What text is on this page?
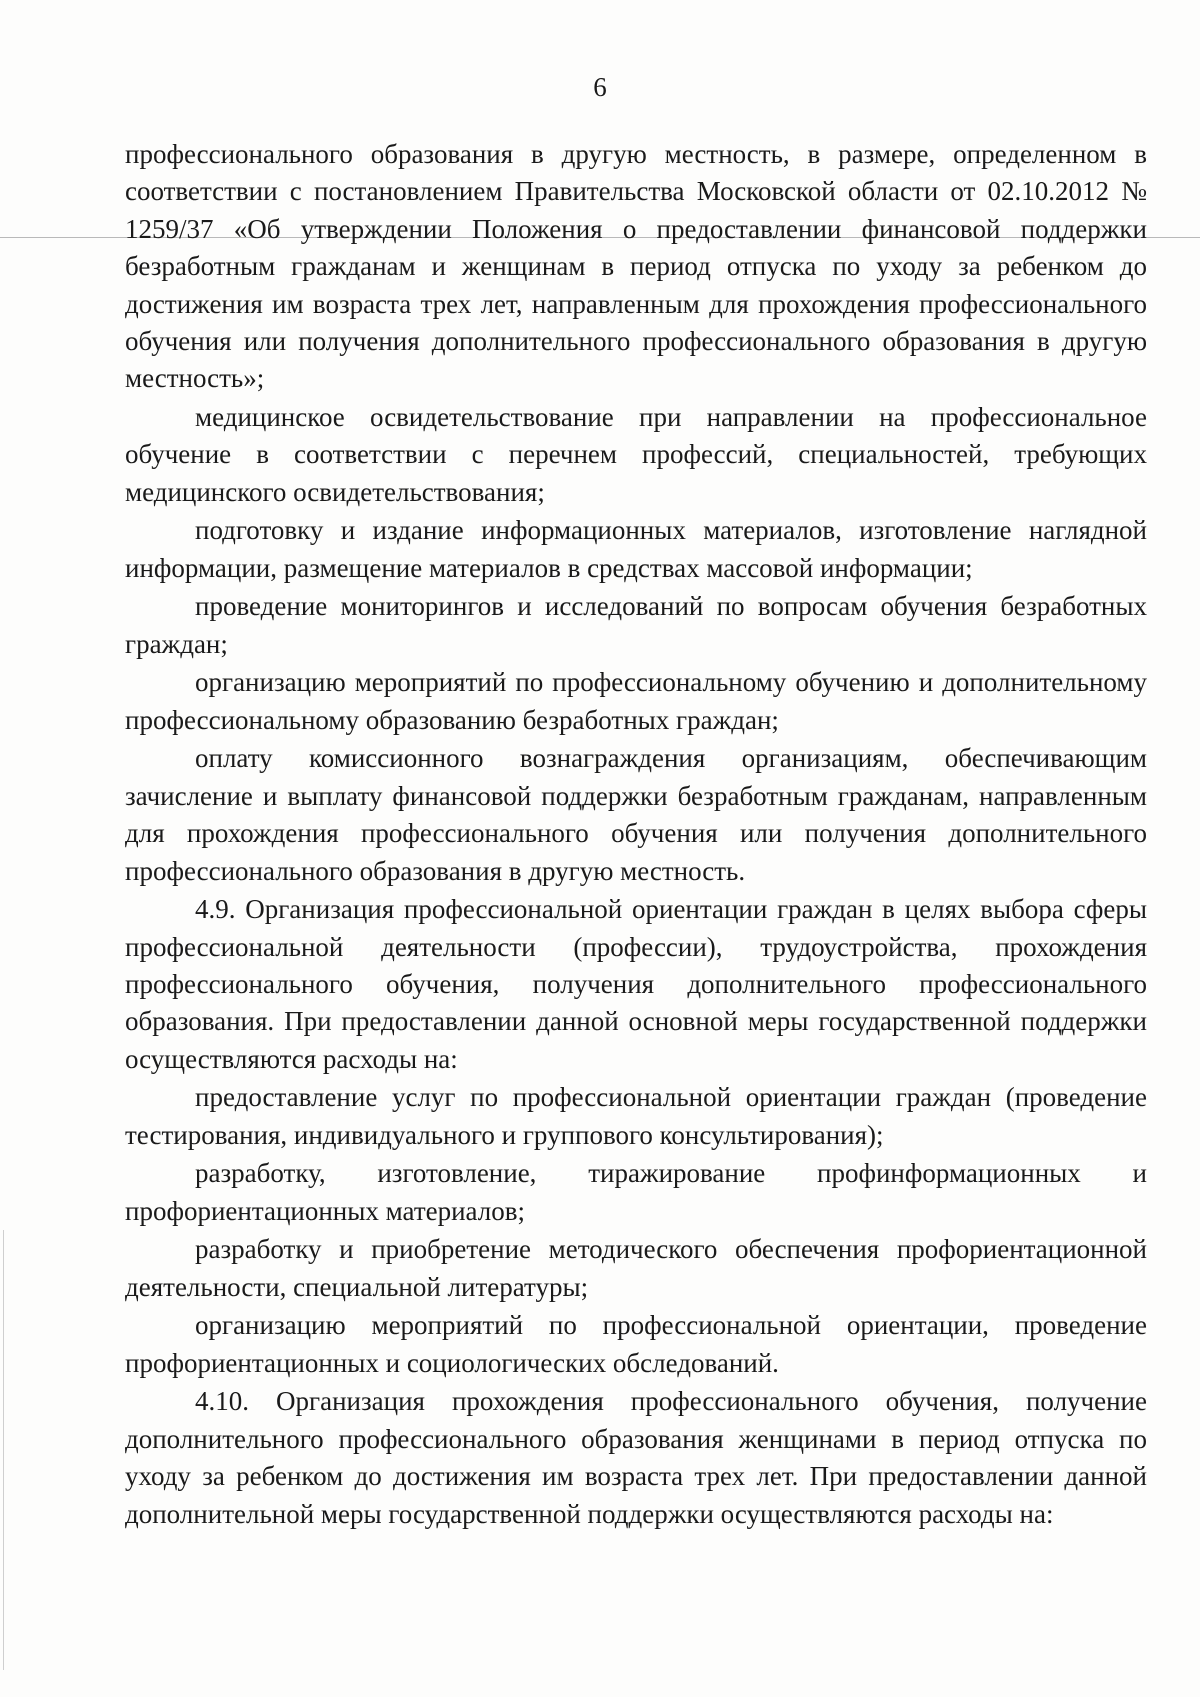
6

профессионального образования в другую местность, в размере, определенном в соответствии с постановлением Правительства Московской области от 02.10.2012 № 1259/37 «Об утверждении Положения о предоставлении финансовой поддержки безработным гражданам и женщинам в период отпуска по уходу за ребенком до достижения им возраста трех лет, направленным для прохождения профессионального обучения или получения дополнительного профессионального образования в другую местность»;

медицинское освидетельствование при направлении на профессиональное обучение в соответствии с перечнем профессий, специальностей, требующих медицинского освидетельствования;

подготовку и издание информационных материалов, изготовление наглядной информации, размещение материалов в средствах массовой информации;

проведение мониторингов и исследований по вопросам обучения безработных граждан;

организацию мероприятий по профессиональному обучению и дополнительному профессиональному образованию безработных граждан;

оплату комиссионного вознаграждения организациям, обеспечивающим зачисление и выплату финансовой поддержки безработным гражданам, направленным для прохождения профессионального обучения или получения дополнительного профессионального образования в другую местность.

4.9. Организация профессиональной ориентации граждан в целях выбора сферы профессиональной деятельности (профессии), трудоустройства, прохождения профессионального обучения, получения дополнительного профессионального образования. При предоставлении данной основной меры государственной поддержки осуществляются расходы на:

предоставление услуг по профессиональной ориентации граждан (проведение тестирования, индивидуального и группового консультирования);

разработку, изготовление, тиражирование профинформационных и профориентационных материалов;

разработку и приобретение методического обеспечения профориентационной деятельности, специальной литературы;

организацию мероприятий по профессиональной ориентации, проведение профориентационных и социологических обследований.

4.10. Организация прохождения профессионального обучения, получение дополнительного профессионального образования женщинами в период отпуска по уходу за ребенком до достижения им возраста трех лет. При предоставлении данной дополнительной меры государственной поддержки осуществляются расходы на:
